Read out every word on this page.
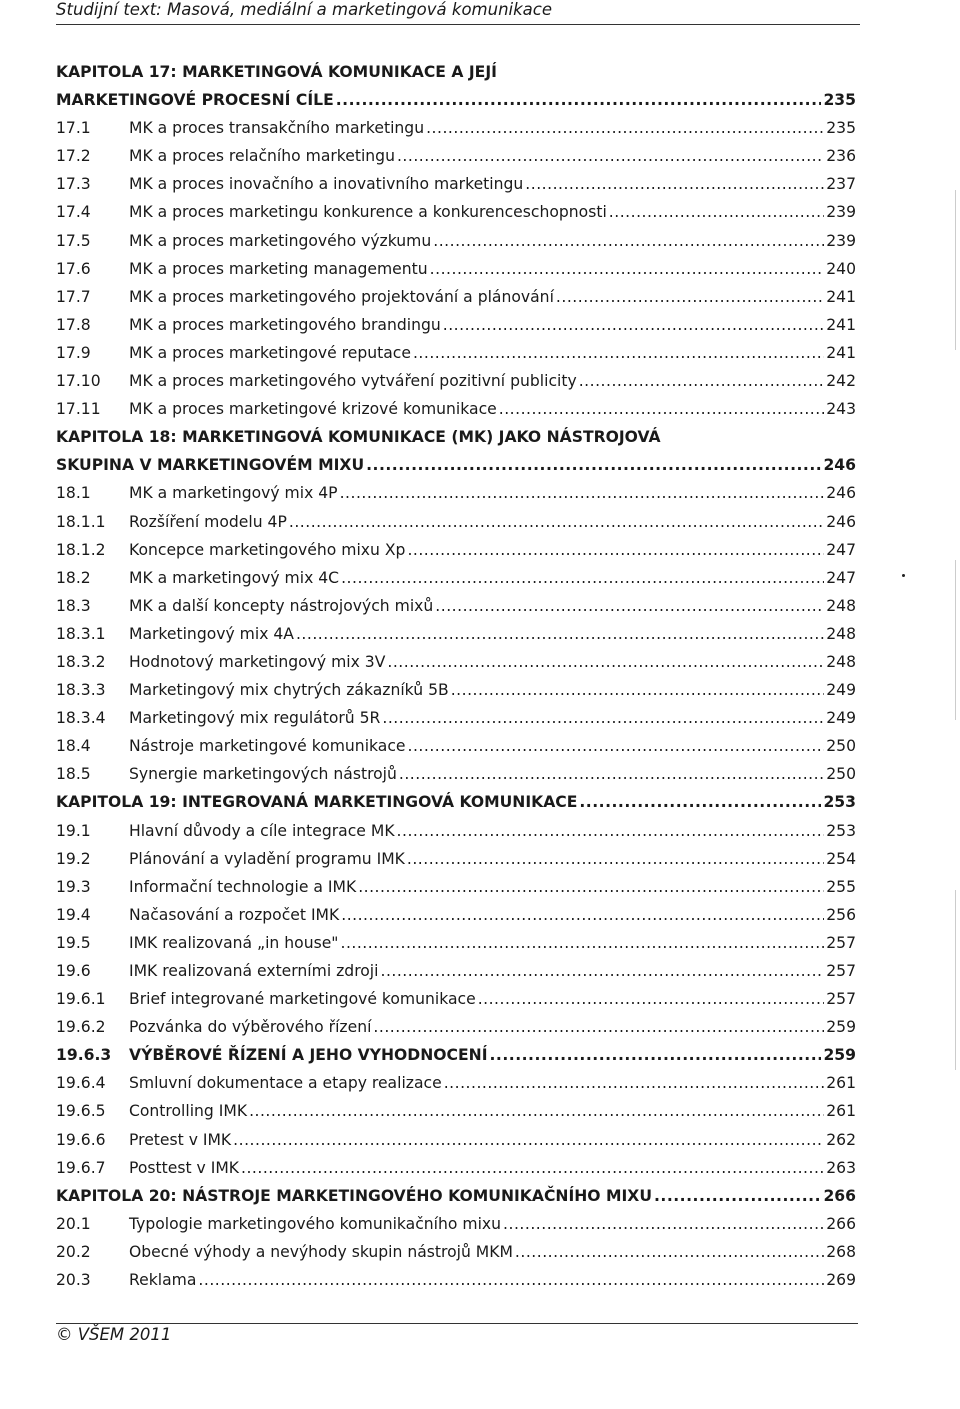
Studijní text: Masová, mediální a marketingová komunikace
KAPITOLA 17: MARKETINGOVÁ KOMUNIKACE A JEJÍ
MARKETINGOVÉ PROCESNÍ CÍLE .....	235
17.1	MK a proces transakčního marketingu .....	235
17.2	MK a proces relačního marketingu .....	236
17.3	MK a proces inovačního a inovativního marketingu .....	237
17.4	MK a proces marketingu konkurence a konkurenceschopnosti .....	239
17.5	MK a proces marketingového výzkumu .....	239
17.6	MK a proces marketing managementu .....	240
17.7	MK a proces marketingového projektování a plánování .....	241
17.8	MK a proces marketingového brandingu .....	241
17.9	MK a proces marketingové reputace .....	241
17.10	MK a proces marketingového vytváření pozitivní publicity .....	242
17.11	MK a proces marketingové krizové komunikace .....	243
KAPITOLA 18: MARKETINGOVÁ KOMUNIKACE (MK) JAKO NÁSTROJOVÁ
SKUPINA V MARKETINGOVÉM MIXU .....	246
18.1	MK a marketingový mix 4P .....	246
18.1.1	Rozšíření modelu 4P .....	246
18.1.2	Koncepce marketingového mixu Xp .....	247
18.2	MK a marketingový mix 4C .....	247
18.3	MK a další koncepty nástrojových mixů .....	248
18.3.1	Marketingový mix 4A .....	248
18.3.2	Hodnotový marketingový mix 3V .....	248
18.3.3	Marketingový mix chytrých zákazníků 5B .....	249
18.3.4	Marketingový mix regulátorů 5R .....	249
18.4	Nástroje marketingové komunikace .....	250
18.5	Synergie marketingových nástrojů .....	250
KAPITOLA 19: INTEGROVANÁ MARKETINGOVÁ KOMUNIKACE .....	253
19.1	Hlavní důvody a cíle integrace MK .....	253
19.2	Plánování a vyladění programu IMK .....	254
19.3	Informační technologie a IMK .....	255
19.4	Načasování a rozpočet IMK .....	256
19.5	IMK realizovaná „in house" .....	257
19.6	IMK realizovaná externími zdroji .....	257
19.6.1	Brief integrované marketingové komunikace .....	257
19.6.2	Pozvánka do výběrového řízení .....	259
19.6.3	VÝBĚROVÉ ŘÍZENÍ A JEHO VYHODNOCENÍ .....	259
19.6.4	Smluvní dokumentace a etapy realizace .....	261
19.6.5	Controlling IMK .....	261
19.6.6	Pretest v IMK .....	262
19.6.7	Posttest v IMK .....	263
KAPITOLA 20: NÁSTROJE MARKETINGOVÉHO KOMUNIKAČNÍHO MIXU .....	266
20.1	Typologie marketingového komunikačního mixu .....	266
20.2	Obecné výhody a nevýhody skupin nástrojů MKM .....	268
20.3	Reklama .....	269
© VŠEM 2011
